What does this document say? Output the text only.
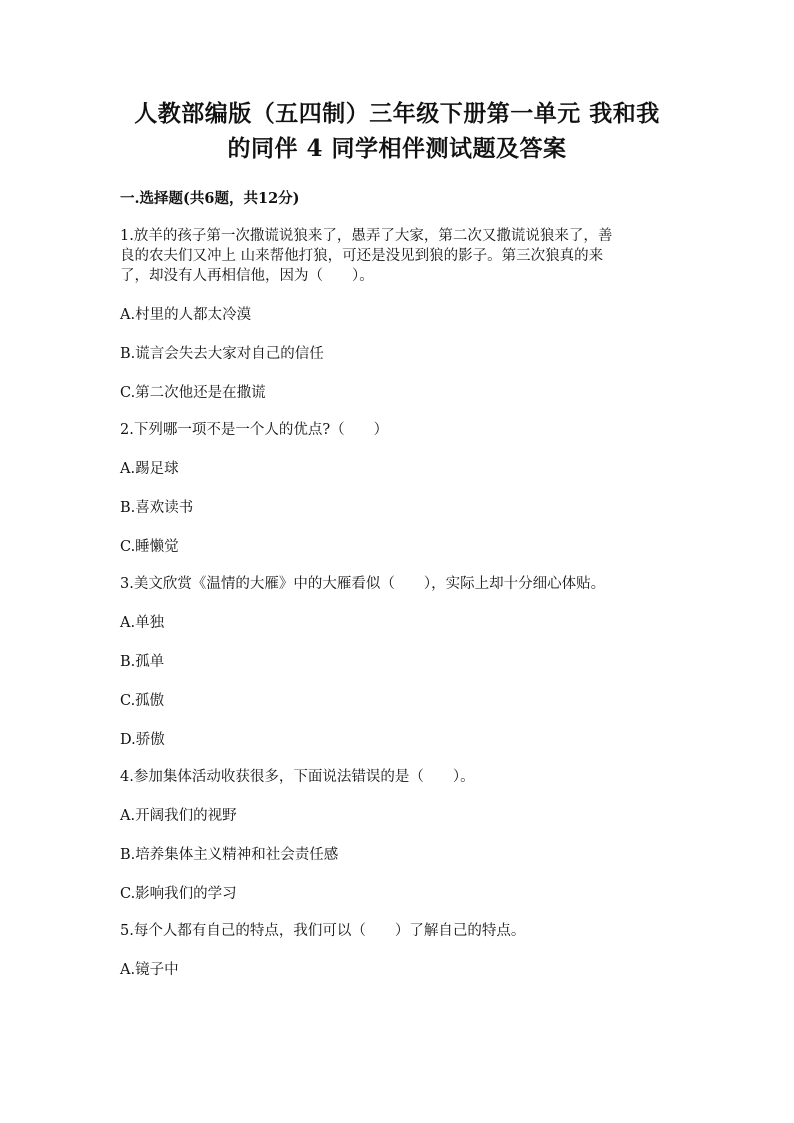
人教部编版（五四制）三年级下册第一单元 我和我
的同伴 4 同学相伴测试题及答案
一.选择题(共6题，共12分)
1.放羊的孩子第一次撒谎说狼来了，愚弄了大家，第二次又撒谎说狼来了，善
良的农夫们又冲上 山来帮他打狼，可还是没见到狼的影子。第三次狼真的来
了，却没有人再相信他，因为（　　）。
A.村里的人都太冷漠
B.谎言会失去大家对自己的信任
C.第二次他还是在撒谎
2.下列哪一项不是一个人的优点?（　　）
A.踢足球
B.喜欢读书
C.睡懒觉
3.美文欣赏《温情的大雁》中的大雁看似（　　），实际上却十分细心体贴。
A.单独
B.孤单
C.孤傲
D.骄傲
4.参加集体活动收获很多，下面说法错误的是（　　）。
A.开阔我们的视野
B.培养集体主义精神和社会责任感
C.影响我们的学习
5.每个人都有自己的特点，我们可以（　　）了解自己的特点。
A.镜子中
